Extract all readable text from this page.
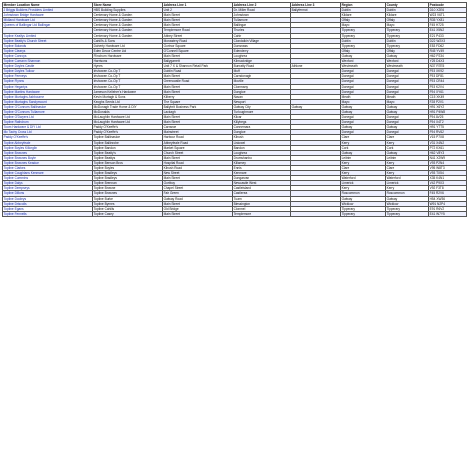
Member Location Name	Store Name	Address Line 1	Address Line 2	Address Line 3	Region	County	Postcode
J Briggs Builders Providers Limited	HBS Building Supplies	Unit 2	Dr. Miller Road	Ballyfermot	Dublin	Dublin	D10 X2E6
Johnstown Bridge Hardware	Centenary Home & Garden	Main Street	Johnstown		Kildare	Kildare	W23 V6T1
Midland Hardware Ltd	Centenary Home & Garden	Main Street	Tullamore		Offaly	Offaly	R35 YX81
Queens of Ballingar Ltd Ballingar	Centenary Home & Garden	Main Street	Ballingar		Mayo	Mayo	F45 H725
	Centenary Home & Garden	Templemore Road	Thurles		Tipperary	Tipperary	E41 X5N2
Topline Keallys Limited	Centenary Home & Garden	Abbey Street	Cahir		Tipperary	Tipperary	E21 P433
Topline Beatty's Church Street	Cahill's & Sons	Monastery Road	Clondalkin Village		Dublin	Dublin	D22 W2X3
Topline Bolands	Doherty Hardware Ltd	Gortnor Square	Dunsnass		Tipperary	Tipperary	E53 FD62
Topline Clearys	Eden Decor Centre Ltd	O'Connell Square	Edenderry		Offaly	Offaly	R45 YV49
Topline Conroys	Flinchurn Hardware	Main Street	Loughrea		Galway	Galway	H62 P234
Topline Cumann Shannon	Harrisons	Ballygarrett	Kilmuckridge		Wexford	Wexford	Y25 D4X3
Topline Doyles Castle	Hynes	Unit 7 X & Shannon Retail Park	Bunratty Road	Athlone	Westmeath	Westmeath	N37 R7E5
Topline Doyles Tullow	Irishowen Co-Op T	Dublin Road	Muff		Donegal	Donegal	F93 XK92
Topline Feeneys	Irishowen Co-Op T	Main Street	Carndonagh		Donegal	Donegal	F93 DF81
Topline Flynns	Irishowen Co-Op T	Greencastle Road	Moville		Donegal	Donegal	F93 CR44
Topline Hegartys	Irishowen Co-Op T	Main Street	Clonmany		Donegal	Donegal	F93 K2V4
Topline Martins Hardware	Jameson Kelleher's Hardware	Main Street	Dungloe		Donegal	Donegal	F94 XY61
Topline Murtaghs Ashbourne	Kevin Murtagh & Sons	Kilberry	Navan		Meath	Meath	C15 XK49
Topline Murtaghs Sandymount	Keoghs Seeds Ltd	The Square	Newport		Mayo	Mayo	F28 P2V1
Topline O'Connors Ballinasloe	McDonagh Trade Home & DIY	Ballybrit Business Park	Galway City	Galway	Galway	Galway	H91 X6Y2
Topline O'Connors Tullamore	McDonalds	Lackagh	Turloughmore		Galway	Galway	H91 P4W8
Topline O'Dwyers Ltd	McLaughlin Hardware Ltd	Main Street	Kilcar		Donegal	Donegal	F94 AV25
Topline Rathdrum	McLaughlin Hardware Ltd	Main Street	Killybegs		Donegal	Donegal	F94 X4T2
Toom Hardware & DIY Ltd	Paddy O'Keeffe's	Carraroe	Connemara		Galway	Galway	H91 Y7T5
Mc Tachy Cross Ltd	Paddy O'Keeffe's	Mainstreet	Dungloe		Donegal	Donegal	F94 RV62
Paddy O'Keeffe's	Topline Ballinasloe	Harbour Road	Kilrush		Clare	Clare	V15 P7X8
Topline Abbeyfeale	Topline Ballinrobe	Abbeyfeale Road	Listowel		Kerry	Kerry	V31 X4N2
Topline Boyles Killorglin	Topline Bandon	Market Square	Bandon		Cork	Cork	P72 KX61
Topline Brownes	Topline Beatty's	Church Street	Loughrea		Galway	Galway	H62 V8Y3
Topline Brownes Boyle	Topline Beattys	Main Street	Drumshanbo		Leitrim	Leitrim	N41 X2W9
Topline Brownes Keadue	Topline Benson Bros	Hospital Road	Killarney		Kerry	Kerry	V93 P2N4
Topline Clarkes	Topline Boyles	Kilrush Road	Ennis		Clare	Clare	V95 W8T3
Topline Coughlans Kenmare	Topline Bradleys	New Street	Kenmare		Kerry	Kerry	V93 TX54
Topline Cummins	Topline Bradleys	Main Street	Dungarvan		Waterford	Waterford	X35 K4N1
Topline Dalys	Topline Brennan	Gortboy	Newcastle West		Limerick	Limerick	V42 P9X3
Topline Dempseys	Topline Browne	Chapel Street	Castleisland		Kerry	Kerry	V92 F3T8
Topline Dillons	Topline Brownes	Fair Green	Castlerea		Roscommon	Roscommon	F45 R2V6
Topline Dooleys	Topline Burke	Galway Road	Tuam		Galway	Galway	H54 XW36
Topline Driscolls	Topline Byrnes	Main Street	Blessington		Wicklow	Wicklow	W91 N2P4
Topline Egans	Topline Cahills	Old Bridge	Clonmel		Tipperary	Tipperary	E91 R6V2
Topline Fennells	Topline Casey	Main Street	Templemore		Tipperary	Tipperary	E41 W7Y5
